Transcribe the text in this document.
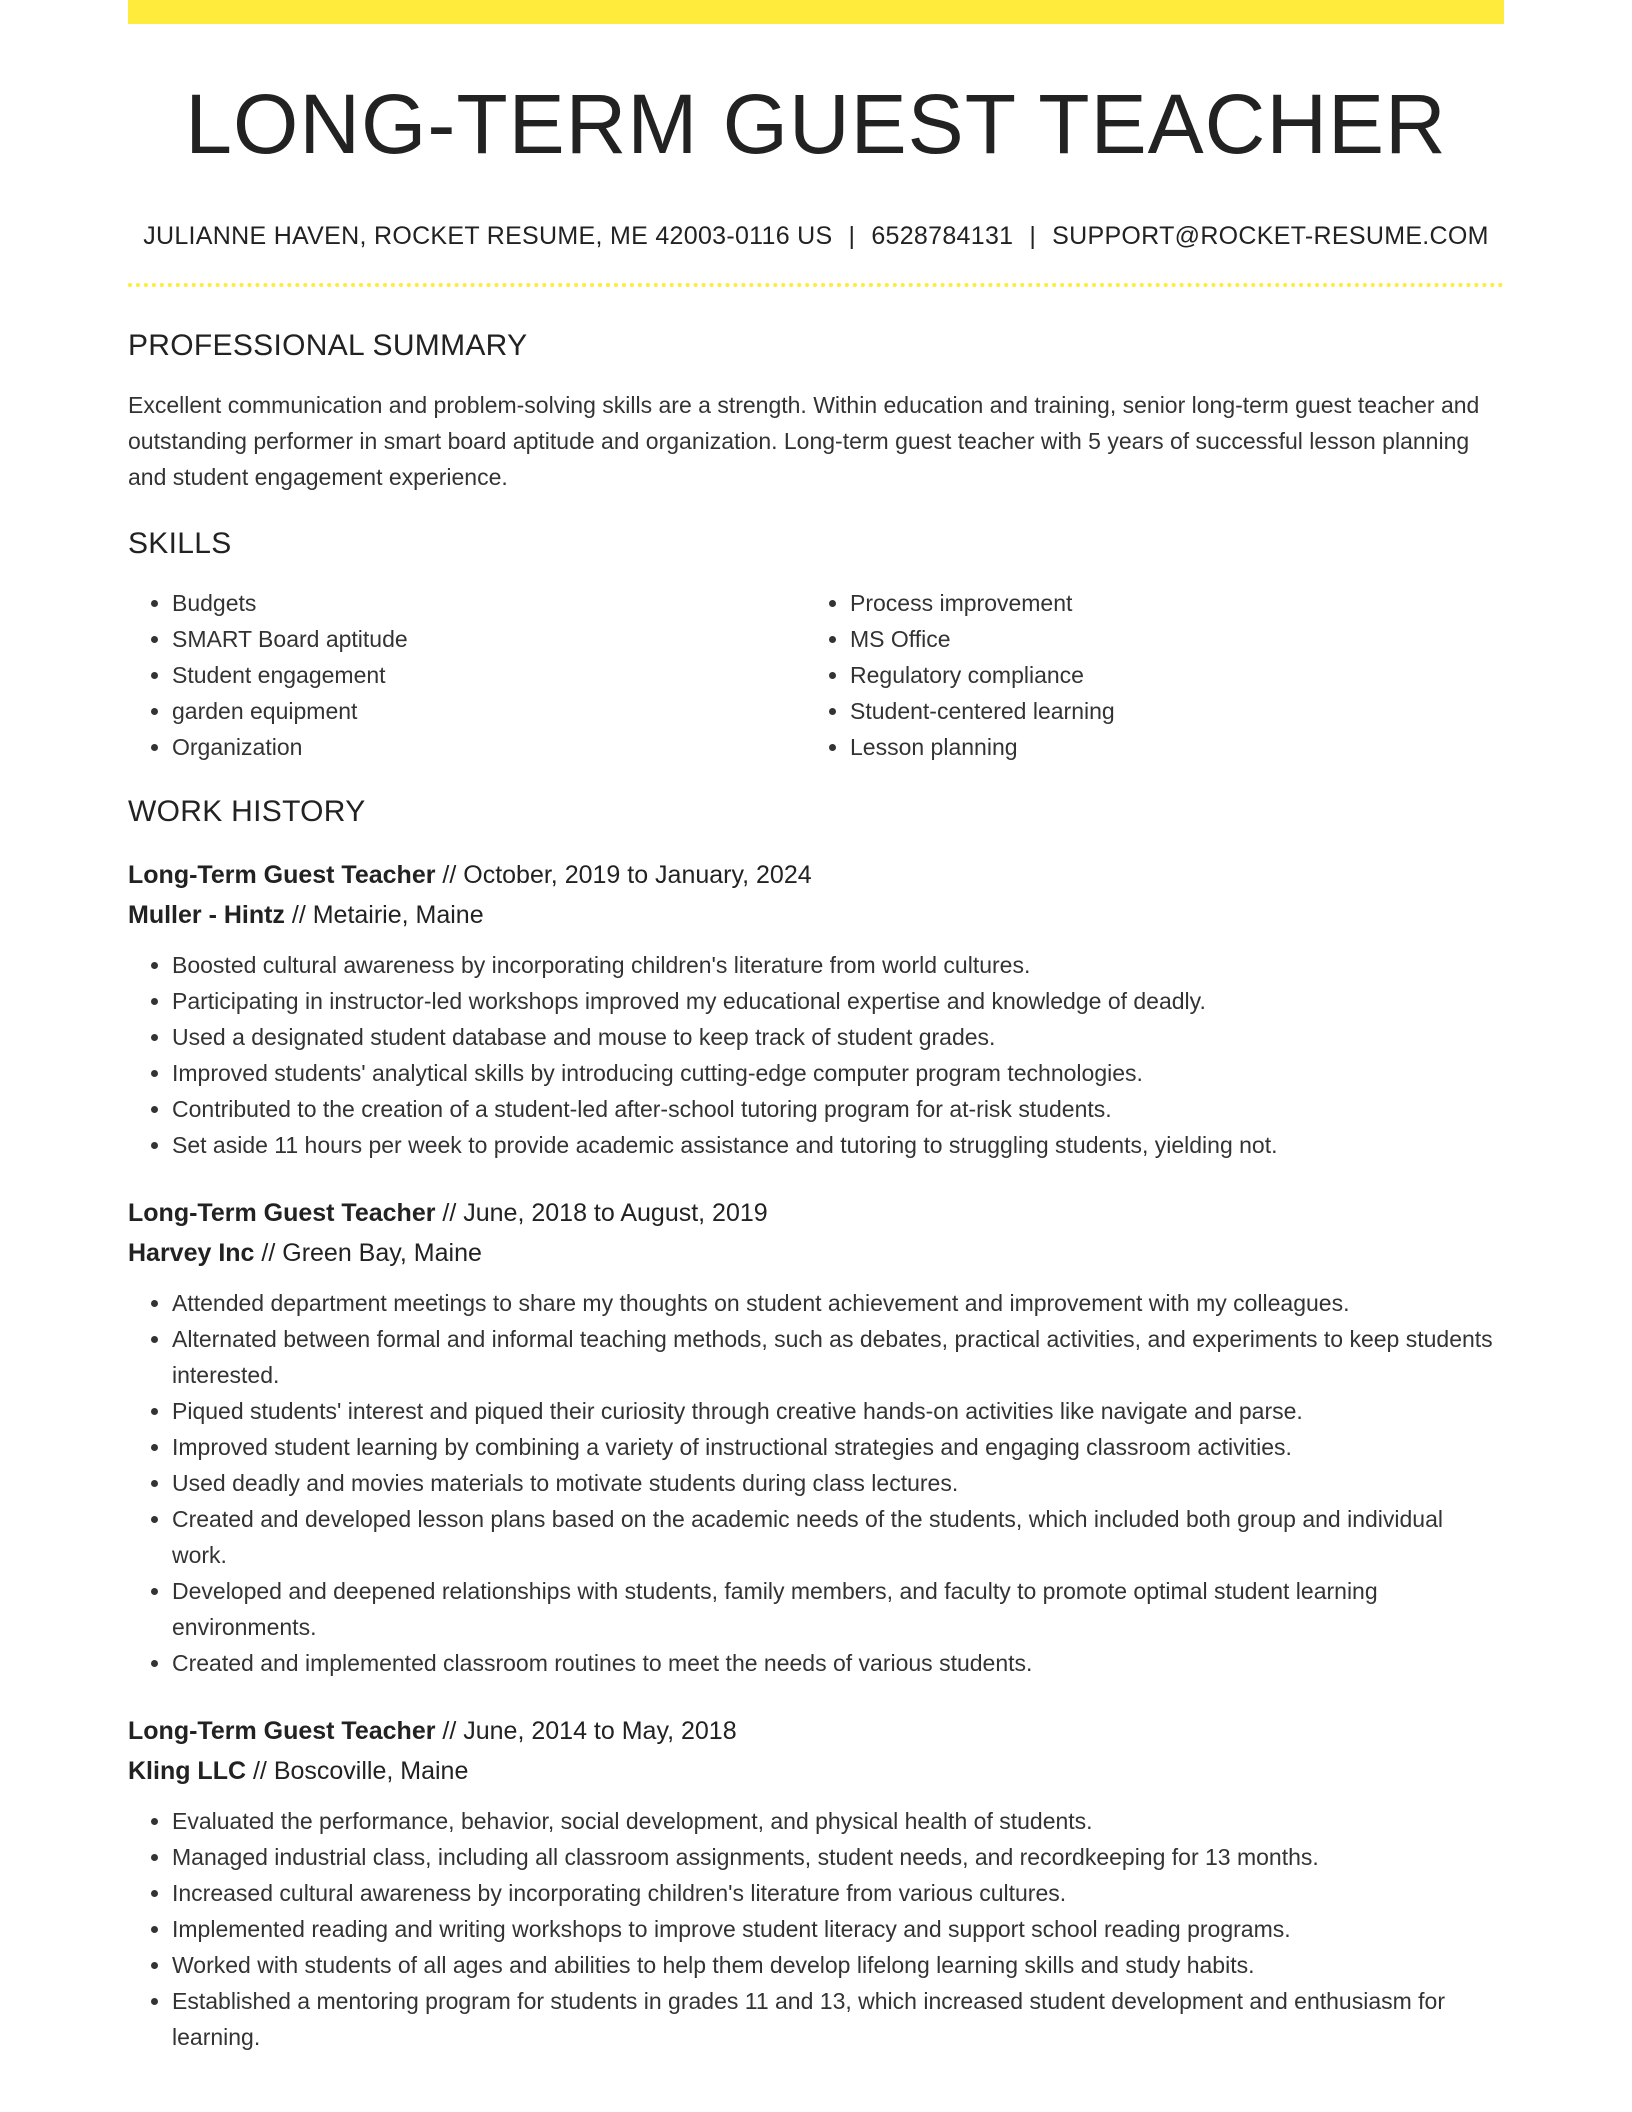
LONG-TERM GUEST TEACHER
JULIANNE HAVEN, ROCKET RESUME, ME 42003-0116 US | 6528784131 | SUPPORT@ROCKET-RESUME.COM
PROFESSIONAL SUMMARY

Excellent communication and problem-solving skills are a strength. Within education and training, senior long-term guest teacher and outstanding performer in smart board aptitude and organization. Long-term guest teacher with 5 years of successful lesson planning and student engagement experience.

SKILLS
• Budgets
• SMART Board aptitude
• Student engagement
• garden equipment
• Organization
• Process improvement
• MS Office
• Regulatory compliance
• Student-centered learning
• Lesson planning
WORK HISTORY
Long-Term Guest Teacher // October, 2019 to January, 2024
Muller - Hintz // Metairie, Maine
• Boosted cultural awareness by incorporating children's literature from world cultures.
• Participating in instructor-led workshops improved my educational expertise and knowledge of deadly.
• Used a designated student database and mouse to keep track of student grades.
• Improved students' analytical skills by introducing cutting-edge computer program technologies.
• Contributed to the creation of a student-led after-school tutoring program for at-risk students.
• Set aside 11 hours per week to provide academic assistance and tutoring to struggling students, yielding not.
Long-Term Guest Teacher // June, 2018 to August, 2019
Harvey Inc // Green Bay, Maine
• Attended department meetings to share my thoughts on student achievement and improvement with my colleagues.
• Alternated between formal and informal teaching methods, such as debates, practical activities, and experiments to keep students interested.
• Piqued students' interest and piqued their curiosity through creative hands-on activities like navigate and parse.
• Improved student learning by combining a variety of instructional strategies and engaging classroom activities.
• Used deadly and movies materials to motivate students during class lectures.
• Created and developed lesson plans based on the academic needs of the students, which included both group and individual work.
• Developed and deepened relationships with students, family members, and faculty to promote optimal student learning environments.
• Created and implemented classroom routines to meet the needs of various students.
Long-Term Guest Teacher // June, 2014 to May, 2018
Kling LLC // Boscoville, Maine
• Evaluated the performance, behavior, social development, and physical health of students.
• Managed industrial class, including all classroom assignments, student needs, and recordkeeping for 13 months.
• Increased cultural awareness by incorporating children's literature from various cultures.
• Implemented reading and writing workshops to improve student literacy and support school reading programs.
• Worked with students of all ages and abilities to help them develop lifelong learning skills and study habits.
• Established a mentoring program for students in grades 11 and 13, which increased student development and enthusiasm for learning.
